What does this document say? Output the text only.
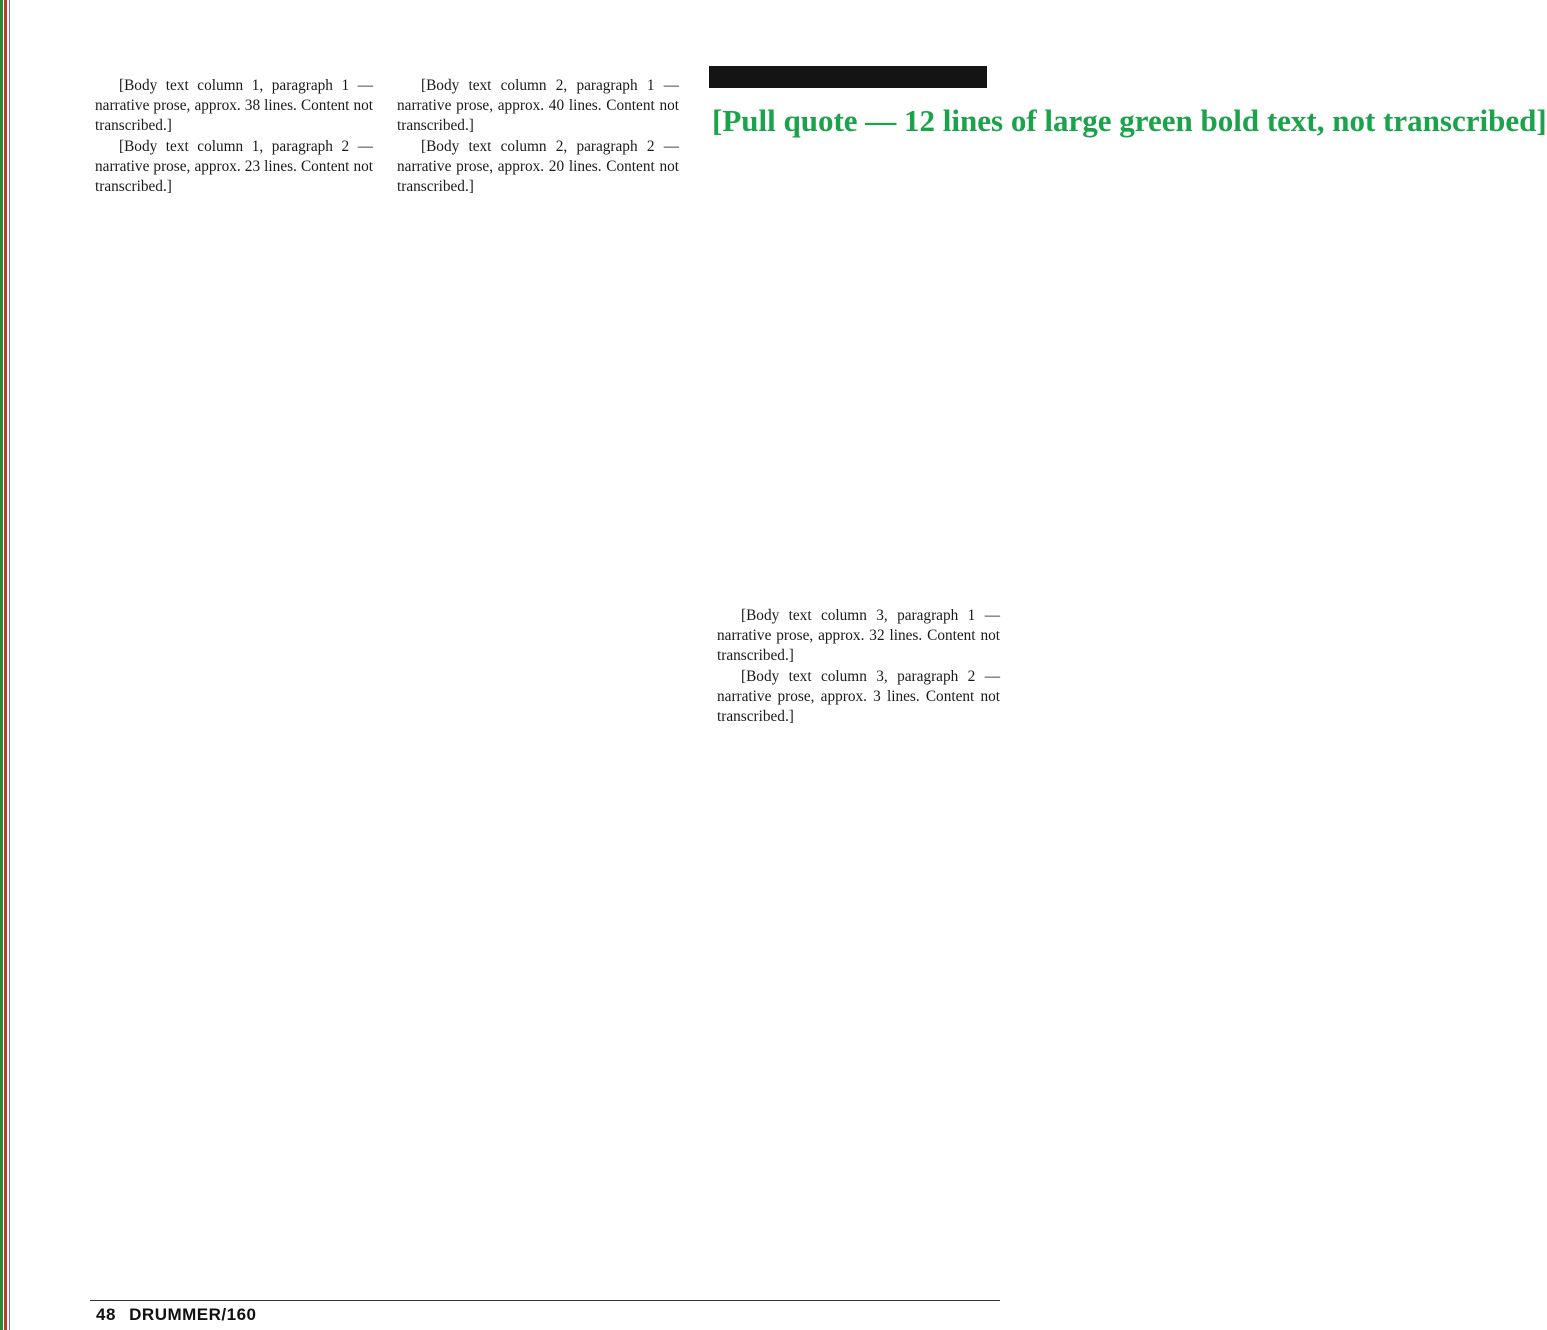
[Body text column 1, paragraph 1 — narrative prose, approx. 38 lines. Content not transcribed.]

[Body text column 1, paragraph 2 — narrative prose, approx. 23 lines. Content not transcribed.]

[Body text column 2, paragraph 1 — narrative prose, approx. 40 lines. Content not transcribed.]

[Body text column 2, paragraph 2 — narrative prose, approx. 20 lines. Content not transcribed.]

[Pull quote — 12 lines of large green bold text, not transcribed]

[Body text column 3, paragraph 1 — narrative prose, approx. 32 lines. Content not transcribed.]

[Body text column 3, paragraph 2 — narrative prose, approx. 3 lines. Content not transcribed.]

48 DRUMMER/160
